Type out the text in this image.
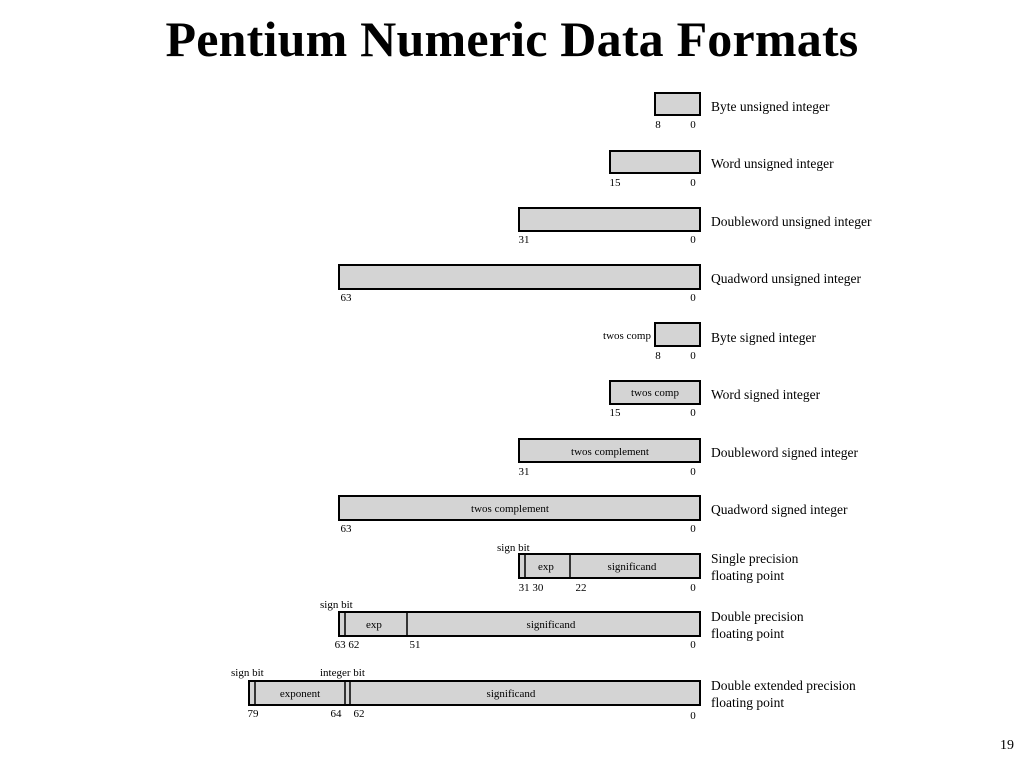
Pentium Numeric Data Formats
8	0
Byte unsigned integer
15	0
Word unsigned integer
31	0
Doubleword unsigned integer
63	0
Quadword unsigned integer
twos comp
8	0
Byte signed integer
twos comp
15	0
Word signed integer
twos complement
31	0
Doubleword signed integer
twos complement
63	0
Quadword signed integer
sign bit
exp	significand
31 30	22	0
Single precision
floating point
sign bit
exp	significand
63 62	51	0
Double precision
floating point
sign bit	integer bit
exponent	significand
79	64 62	0
Double extended precision
floating point
19
